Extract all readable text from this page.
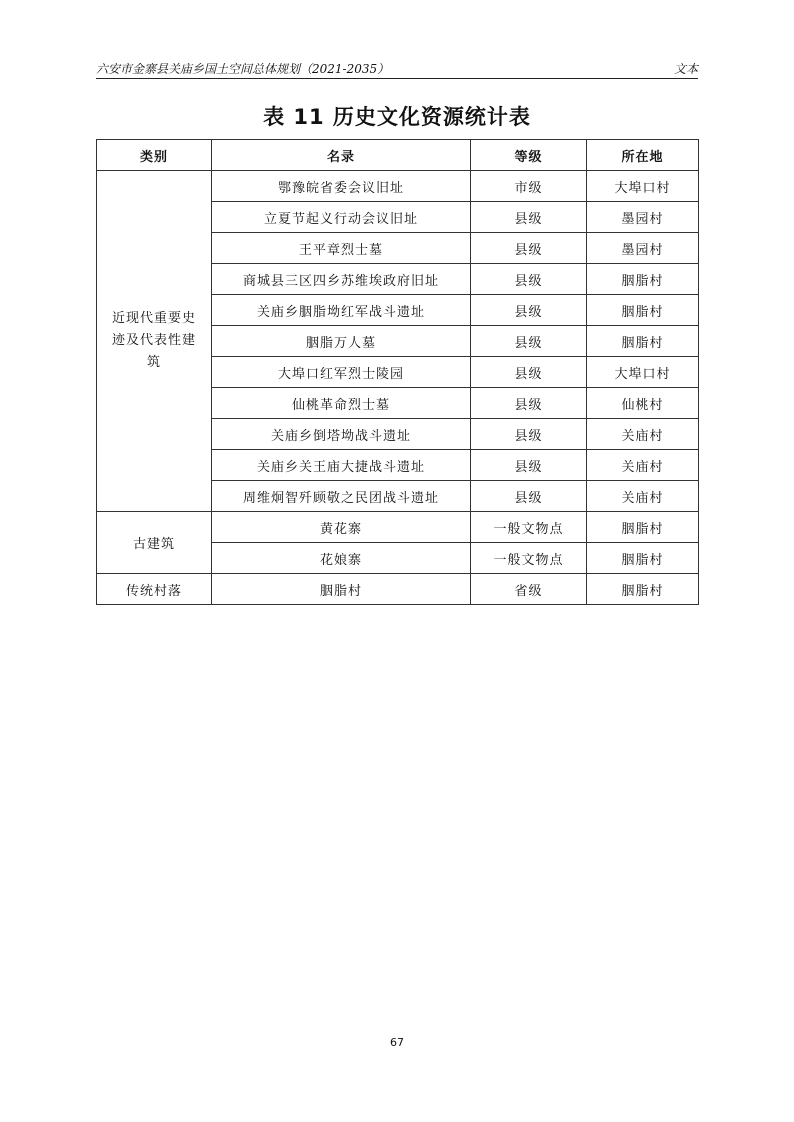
六安市金寨县关庙乡国土空间总体规划（2021-2035）	文本
表 11 历史文化资源统计表
类别	名录	等级	所在地
近现代重要史迹及代表性建筑	鄂豫皖省委会议旧址	市级	大埠口村
	立夏节起义行动会议旧址	县级	墨园村
	王平章烈士墓	县级	墨园村
	商城县三区四乡苏维埃政府旧址	县级	胭脂村
	关庙乡胭脂坳红军战斗遗址	县级	胭脂村
	胭脂万人墓	县级	胭脂村
	大埠口红军烈士陵园	县级	大埠口村
	仙桃革命烈士墓	县级	仙桃村
	关庙乡倒塔坳战斗遗址	县级	关庙村
	关庙乡关王庙大捷战斗遗址	县级	关庙村
	周维炯智歼顾敬之民团战斗遗址	县级	关庙村
古建筑	黄花寨	一般文物点	胭脂村
	花娘寨	一般文物点	胭脂村
传统村落	胭脂村	省级	胭脂村
67
